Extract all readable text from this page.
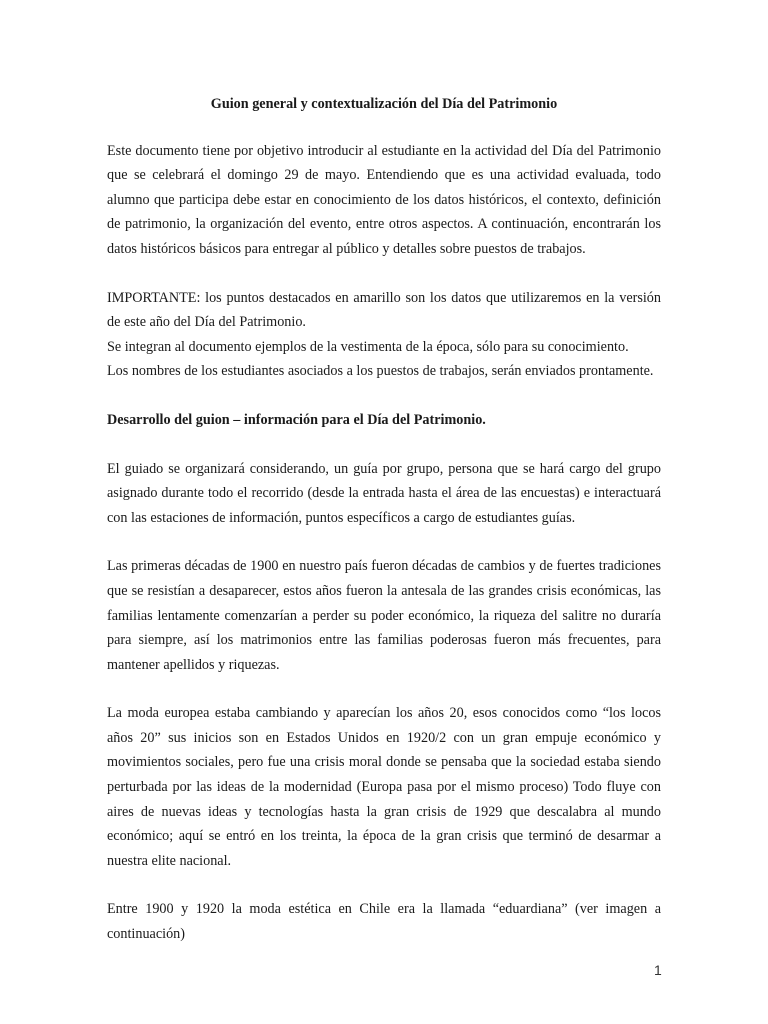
Guion general y contextualización del Día del Patrimonio

Este documento tiene por objetivo introducir al estudiante en la actividad del Día del Patrimonio que se celebrará el domingo 29 de mayo. Entendiendo que es una actividad evaluada, todo alumno que participa debe estar en conocimiento de los datos históricos, el contexto, definición de patrimonio, la organización del evento, entre otros aspectos. A continuación, encontrarán los datos históricos básicos para entregar al público y detalles sobre puestos de trabajos.

IMPORTANTE: los puntos destacados en amarillo son los datos que utilizaremos en la versión de este año del Día del Patrimonio.

Se integran al documento ejemplos de la vestimenta de la época, sólo para su conocimiento.

Los nombres de los estudiantes asociados a los puestos de trabajos, serán enviados prontamente.

Desarrollo del guion – información para el Día del Patrimonio.

El guiado se organizará considerando, un guía por grupo, persona que se hará cargo del grupo asignado durante todo el recorrido (desde la entrada hasta el área de las encuestas) e interactuará con las estaciones de información, puntos específicos a cargo de estudiantes guías.

Las primeras décadas de 1900 en nuestro país fueron décadas de cambios y de fuertes tradiciones que se resistían a desaparecer, estos años fueron la antesala de las grandes crisis económicas, las familias lentamente comenzarían a perder su poder económico, la riqueza del salitre no duraría para siempre, así los matrimonios entre las familias poderosas fueron más frecuentes, para mantener apellidos y riquezas.

La moda europea estaba cambiando y aparecían los años 20, esos conocidos como “los locos años 20” sus inicios son en Estados Unidos en 1920/2 con un gran empuje económico y movimientos sociales, pero fue una crisis moral donde se pensaba que la sociedad estaba siendo perturbada por las ideas de la modernidad (Europa pasa por el mismo proceso) Todo fluye con aires de nuevas ideas y tecnologías hasta la gran crisis de 1929 que descalabra al mundo económico; aquí se entró en los treinta, la época de la gran crisis que terminó de desarmar a nuestra elite nacional.

Entre 1900 y 1920 la moda estética en Chile era la llamada “eduardiana” (ver imagen a continuación)

1
